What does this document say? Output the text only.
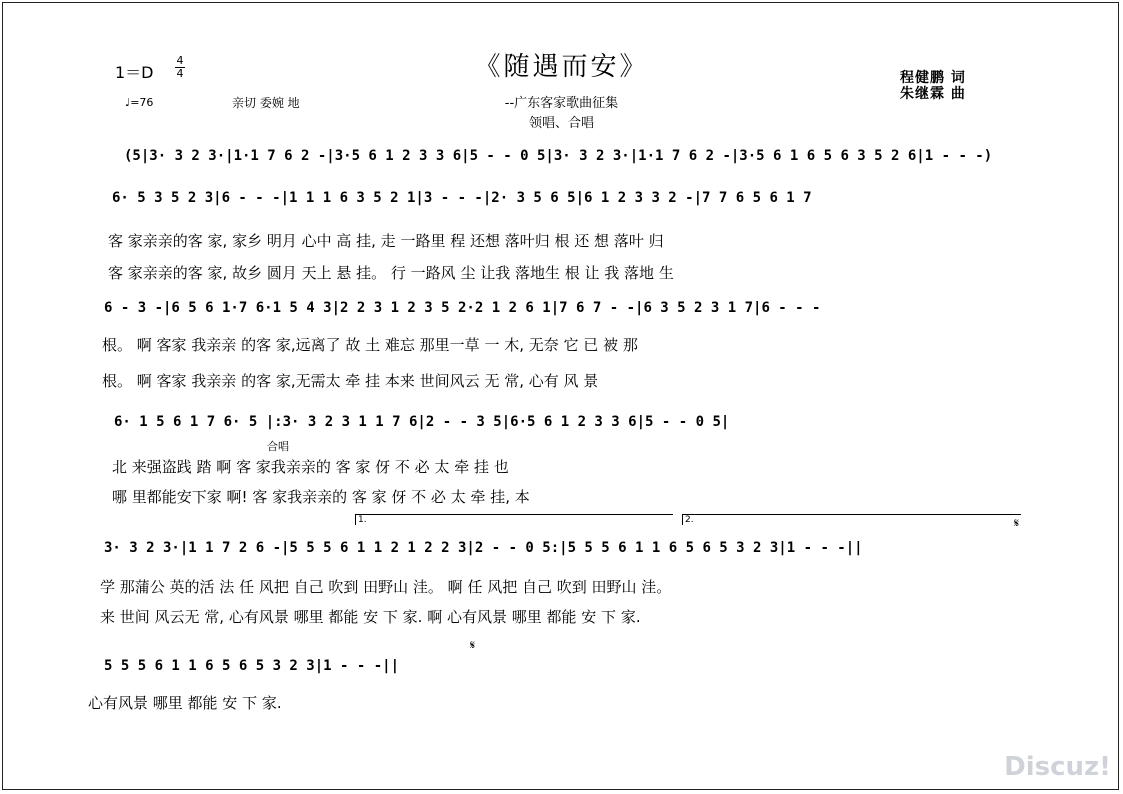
《随遇而安》
--广东客家歌曲征集
领唱、合唱
1＝D
4
4
♩=76	亲切 委婉 地
程健鹏 词
朱继霖 曲
(5|3· 3 2 3·|1·1 7 6 2 -|3·5 6 1 2 3 3 6|5 - - 0 5|3· 3 2 3·|1·1 7 6 2 -|3·5 6 1 6 5 6 3 5 2 6|1 - - -)
6· 5 3 5 2 3|6 - - -|1 1 1 6 3 5 2 1|3 - - -|2· 3 5 6 5|6 1 2 3 3 2 -|7 7 6 5 6 1 7
客 家亲亲的客 家, 家乡 明月 心中 高 挂, 走 一路里 程 还想 落叶归 根 还 想 落叶 归
客 家亲亲的客 家, 故乡 圆月 天上 悬 挂。 行 一路风 尘 让我 落地生 根 让 我 落地 生
6 - 3 -|6 5 6 1·7 6·1 5 4 3|2 2 3 1 2 3 5 2·2 1 2 6 1|7 6 7 - -|6 3 5 2 3 1 7|6 - - -
根。 啊 客家 我亲亲 的客 家,远离了 故 土 难忘 那里一草 一 木, 无奈 它 已 被 那
根。 啊 客家 我亲亲 的客 家,无需太 牵 挂 本来 世间风云 无 常, 心有 风 景
6· 1 5 6 1 7 6· 5 |:3· 3 2 3 1 1 7 6|2 - - 3 5|6·5 6 1 2 3 3 6|5 - - 0 5|
合唱
北 来强盗践 踏 啊 客 家我亲亲的 客 家 伢 不 必 太 牵 挂 也
哪 里都能安下家 啊! 客 家我亲亲的 客 家 伢 不 必 太 牵 挂, 本
1.	2.	𝄋
3· 3 2 3·|1 1 7 2 6 -|5 5 5 6 1 1 2 1 2 2 3|2 - - 0 5:|5 5 5 6 1 1 6 5 6 5 3 2 3|1 - - -||
学 那蒲公 英的活 法 任 风把 自己 吹到 田野山 洼。 啊 任 风把 自己 吹到 田野山 洼。
来 世间 风云无 常, 心有风景 哪里 都能 安 下 家. 啊 心有风景 哪里 都能 安 下 家.
𝄋
5 5 5 6 1 1 6 5 6 5 3 2 3|1 - - -||
心有风景 哪里 都能 安 下 家.
Discuz!
